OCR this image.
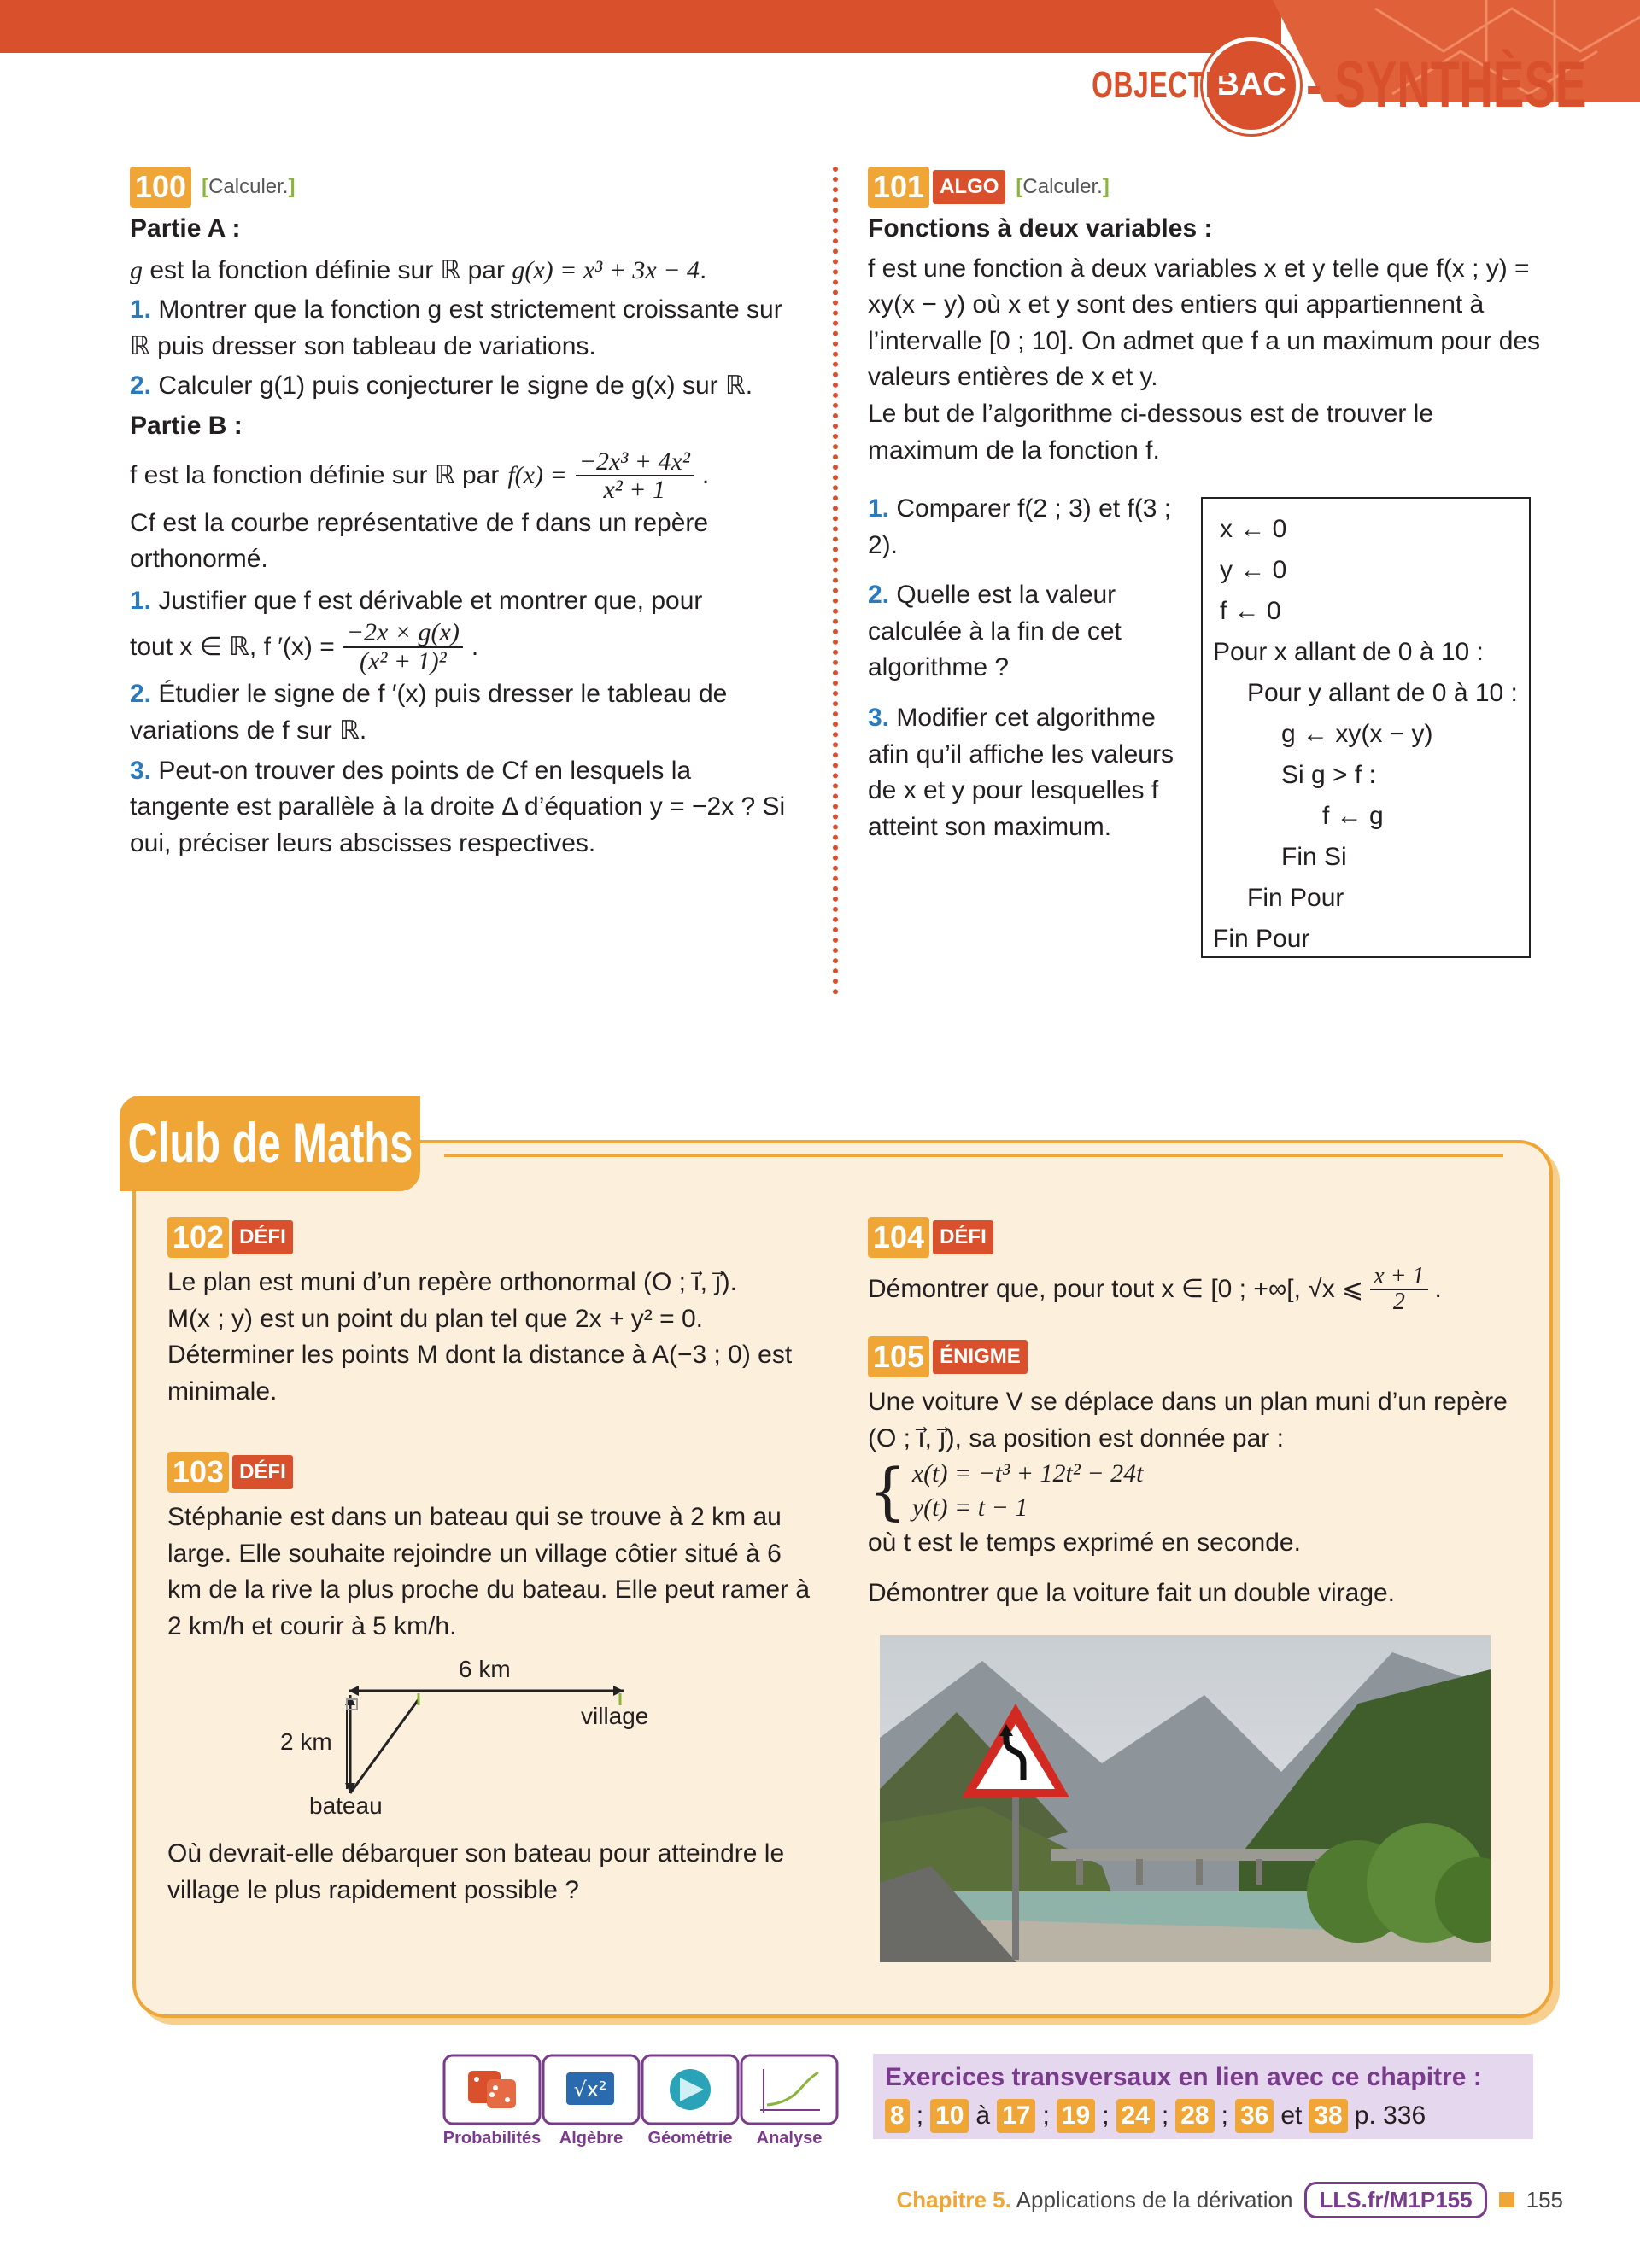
OBJECTIF
BAC - SYNTHÈSE
100 [Calculer.]

Partie A :

g est la fonction définie sur ℝ par g(x) = x³ + 3x − 4.

1. Montrer que la fonction g est strictement croissante sur ℝ puis dresser son tableau de variations.

2. Calculer g(1) puis conjecturer le signe de g(x) sur ℝ.

Partie B :

f est la fonction définie sur ℝ par $f(x) = \frac{\text{−2x³ + 4x²}}{\text{x² + 1}}$ .

Cf est la courbe représentative de f dans un repère orthonormé.

1. Justifier que f est dérivable et montrer que, pour

tout x ∈ ℝ, f $'(x) = \frac{-2x \times g(x)}{\text{(x² + 1)²}}$ .

2. Étudier le signe de f ′(x) puis dresser le tableau de variations de f sur ℝ.

3. Peut-on trouver des points de Cf en lesquels la tangente est parallèle à la droite Δ d’équation y = −2x ? Si oui, préciser leurs abscisses respectives.

101 ALGO [Calculer.]

Fonctions à deux variables :

f est une fonction à deux variables x et y telle que f(x ; y) = xy(x − y) où x et y sont des entiers qui appartiennent à l’intervalle [0 ; 10]. On admet que f a un maximum pour des valeurs entières de x et y.

Le but de l’algorithme ci-dessous est de trouver le maximum de la fonction f.

1. Comparer f(2 ; 3) et f(3 ; 2).

2. Quelle est la valeur calculée à la fin de cet algorithme ?

3. Modifier cet algorithme afin qu’il affiche les valeurs de x et y pour lesquelles f atteint son maximum.

x ← 0
y ← 0
f ← 0
Pour x allant de 0 à 10 :
Pour y allant de 0 à 10 :
g ← xy(x − y)
Si g > f :
f ← g
Fin Si
Fin Pour
Fin Pour
Club de Maths
102 DÉFI

Le plan est muni d’un repère orthonormal (O ; i⃗, j⃗).

M(x ; y) est un point du plan tel que 2x + y² = 0.

Déterminer les points M dont la distance à A(−3 ; 0) est minimale.

103 DÉFI

Stéphanie est dans un bateau qui se trouve à 2 km au large. Elle souhaite rejoindre un village côtier situé à 6 km de la rive la plus proche du bateau. Elle peut ramer à 2 km/h et courir à 5 km/h.

6 km
2 km
village
bateau
Où devrait-elle débarquer son bateau pour atteindre le village le plus rapidement possible ?
104 DÉFI
Démontrer que, pour tout x ∈ [0 ; +∞[, √x ⩽ x + 1
2 .
105 ÉNIGME

Une voiture V se déplace dans un plan muni d’un repère (O ; i⃗, j⃗), sa position est donnée par :

{ x(t) = −t³ + 12t² − 24t
y(t) = t − 1

où t est le temps exprimé en seconde.

Démontrer que la voiture fait un double virage.

√x²
Probabilités	Algèbre	Géométrie	Analyse
Exercices transversaux en lien avec ce chapitre :
8 ; 10 à 17 ; 19 ; 24 ; 28 ; 36 et 38 p. 336
Chapitre 5. Applications de la dérivation	LLS.fr/M1P155	155
